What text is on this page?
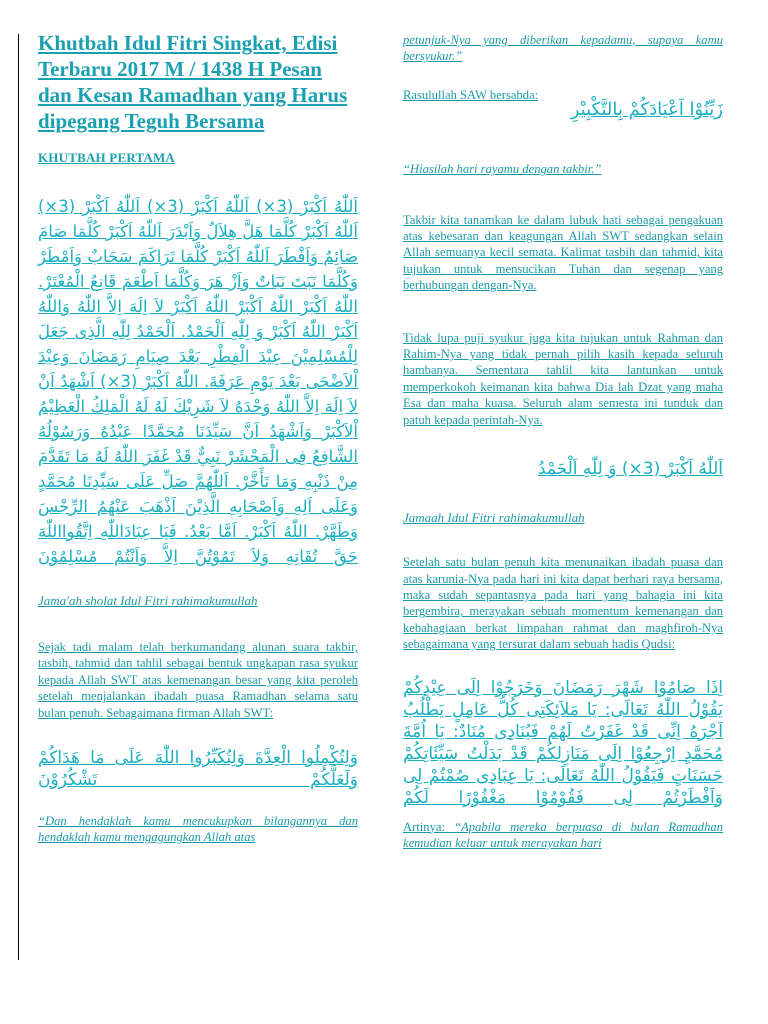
Khutbah Idul Fitri Singkat, Edisi Terbaru 2017 M / 1438 H Pesan dan Kesan Ramadhan yang Harus dipegang Teguh Bersama

KHUTBAH PERTAMA

اَللّٰهُ اَكْبَرْ (3×) اَللّٰهُ اَكْبَرْ (3×) اَللّٰهُ اَكْبَرْ (3×) اَللّٰهُ اَكْبَرْ كُلَّمَا هَلَّ هِلاَلٌ وَاَبْدَرَ اَللّٰهُ اَكْبَرْ كُلَّمَا صَامَ صَائِمٌ وَاَفْطَرَ اَللّٰهُ اَكْبَرْ كُلَّمَا تَرَاكَمَ سَحَابٌ وَاَمْطَرْ وَكُلَّمَا نَبَتَ نَبَاتٌ وَاَزْ هَرَ وَكُلَّمَا اَطْعَمَ قَانِعُ الْمُعْتَرْ. اللّٰهُ اَكْبَرْ اللّٰهُ اَكْبَرْ اللّٰهُ اَكْبَرْ لاَ اِلَهَ اِلاَّ اللّٰهُ وَاللّٰهُ اَكْبَرْ اللّٰهُ اَكْبَرْ وَ لِلّٰهِ اَلْحَمْدُ. اَلْحَمْدُ لِلّٰهِ الَّذِى جَعَلَ لِلْمُسْلِمِيْنَ عِيْدَ الْفِطْرِ بَعْدَ صِيَامِ رَمَضَانَ وَعِيْدَ اْلاَضْحَى بَعْدَ يَوْمِ عَرَفَةَ. اللّٰهُ اَكْبَرْ (3×) اَشْهَدُ اَنْ لاَ اِلَهَ اِلاَّ اللّٰهُ وَحْدَهُ لاَ شَرِيْكَ لَهُ لَهُ الْمَلِكُ الْعَظِيْمُ اْلاَكْبَرْ وَاَشْهَدُ اَنَّ سَيِّدَنَا مُحَمَّدًا عَبْدُهُ وَرَسُوْلُهُ الشَّافِعُ فِى الْمَحْشَرْ نَبِيٌّ قَدْ غَفَرَ اللّٰهُ لَهُ مَا تَقَدَّمَ مِنْ ذَنْبِهِ وَمَا تَأَخَّرْ. اَللّٰهُمَّ صَلِّ عَلَى سَيِّدِنَا مُحَمَّدٍ وَعَلَى اَلِهِ وَاَصْحَابِهِ الَّذِيْنَ اَذْهَبَ عَنْهُمُ الرِّجْسَ وَطَهَّرْ. اللّٰهُ اَكْبَرْ. اَمَّا بَعْدُ. فَيَا عِبَادَاللّٰهِ اِتَّقُوااللّٰهَ حَقَّ تُقَاتِهِ وَلاَ تَمُوْتُنَّ اِلاَّ وَاَنْتُمْ مُسْلِمُوْنَ

Jama'ah sholat Idul Fitri rahimakumullah

Sejak tadi malam telah berkumandang alunan suara takbir, tasbih, tahmid dan tahlil sebagai bentuk ungkapan rasa syukur kepada Allah SWT atas kemenangan besar yang kita peroleh setelah menjalankan ibadah puasa Ramadhan selama satu bulan penuh. Sebagaimana firman Allah SWT:

وَلِتُكْمِلُوا الْعِدَّةَ وَلِتُكَبِّرُوا اللّٰهَ عَلَى مَا هَدَاكُمْ وَلَعَلَّكُمْ تَشْكُرُوْنَ

“Dan hendaklah kamu mencukupkan bilangannya dan hendaklah kamu mengagungkan Allah atas

petunjuk-Nya yang diberikan kepadamu, supaya kamu bersyukur.”

Rasulullah SAW bersabda:

زَيِّنُوْا اَعْيَادَكُمْ بِالتَّكْبِيْرِ

“Hiasilah hari rayamu dengan takbir.”

Takbir kita tanamkan ke dalam lubuk hati sebagai pengakuan atas kebesaran dan keagungan Allah SWT sedangkan selain Allah semuanya kecil semata. Kalimat tasbih dan tahmid, kita tujukan untuk mensucikan Tuhan dan segenap yang berhubungan dengan-Nya.

Tidak lupa puji syukur juga kita tujukan untuk Rahman dan Rahim-Nya yang tidak pernah pilih kasih kepada seluruh hambanya. Sementara tahlil kita lantunkan untuk memperkokoh keimanan kita bahwa Dia lah Dzat yang maha Esa dan maha kuasa. Seluruh alam semesta ini tunduk dan patuh kepada perintah-Nya.

اَللّٰهُ اَكْبَرْ (3×) وَ لِلّٰهِ اَلْحَمْدُ

Jamaah Idul Fitri rahimakumullah

Setelah satu bulan penuh kita menunaikan ibadah puasa dan atas karunia-Nya pada hari ini kita dapat berhari raya bersama, maka sudah sepantasnya pada hari yang bahagia ini kita bergembira, merayakan sebuah momentum kemenangan dan kebahagiaan berkat limpahan rahmat dan maghfiroh-Nya sebagaimana yang tersurat dalam sebuah hadis Qudsi:

اِذَا صَامُوْا شَهْرَ رَمَضَانَ وَخَرَجُوْا اِلَى عِيْدِكُمْ يَقُوْلُ اللّٰهُ تَعَالَى: يَا مَلاَئِكَتِى كُلُّ عَامِلٍ يَطْلُبُ اَجْرَهُ اِنِّى قَدْ غَفَرْتُ لَهُمْ فَيُنَادِى مُنَادٌ: يَا اُمَّةَ مُحَمَّدٍ اِرْجِعُوْا اِلَى مَنَازِلِكُمْ قَدْ بَدَلْتُ سَيِّئَاتِكُمْ حَسَنَاتٍ فَيَقُوْلُ اللّٰهُ تَعَالَى: يَا عِبَادِى صُمْتُمْ لِى وَاَفْطَرْتُمْ لِى فَقُوْمُوْا مَغْفُوْرًا لَكُمْ

Artinya: “Apabila mereka berpuasa di bulan Ramadhan kemudian keluar untuk merayakan hari
